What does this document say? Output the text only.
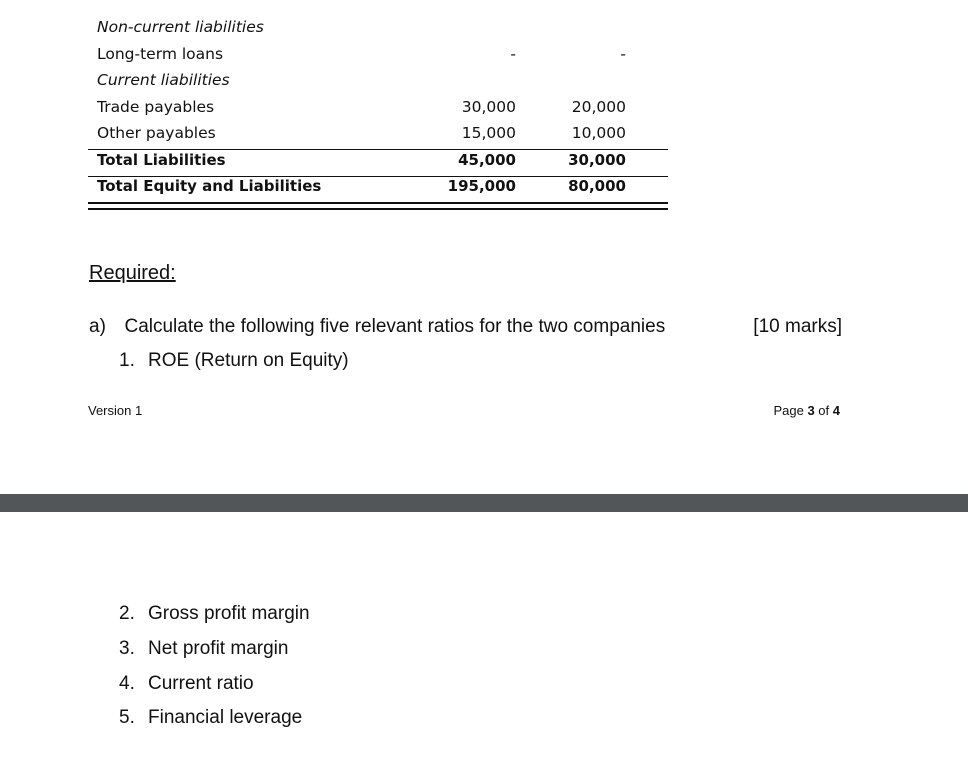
Non-current liabilities
Long-term loans	-	-
Current liabilities
Trade payables	30,000	20,000
Other payables	15,000	10,000
Total Liabilities	45,000	30,000
Total Equity and Liabilities	195,000	80,000
Required:
a) Calculate the following five relevant ratios for the two companies	[10 marks]
1. ROE (Return on Equity)
Version 1	Page 3 of 4
2. Gross profit margin
3. Net profit margin
4. Current ratio
5. Financial leverage
